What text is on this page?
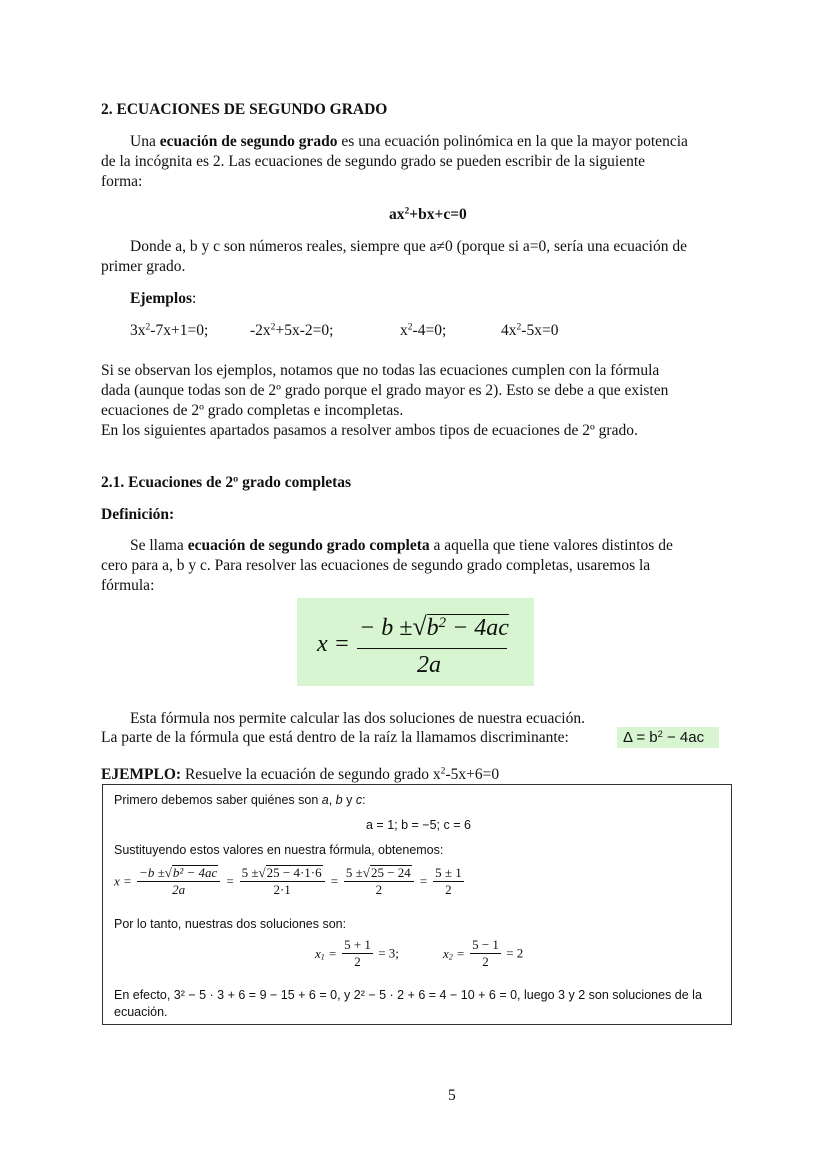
2. ECUACIONES DE SEGUNDO GRADO
Una ecuación de segundo grado es una ecuación polinómica en la que la mayor potencia
de la incógnita es 2. Las ecuaciones de segundo grado se pueden escribir de la siguiente
forma:
$ax^2+bx+c=0$
Donde a, b y c son números reales, siempre que a≠0 (porque si a=0, sería una ecuación de
primer grado.
Ejemplos:
$3x^2-7x+1=0$;	$-2x^2+5x-2=0$;	$x^2-4=0$;	$4x^2-5x=0$
Si se observan los ejemplos, notamos que no todas las ecuaciones cumplen con la fórmula
dada (aunque todas son de 2º grado porque el grado mayor es 2). Esto se debe a que existen
ecuaciones de 2º grado completas e incompletas.
En los siguientes apartados pasamos a resolver ambos tipos de ecuaciones de 2º grado.
2.1. Ecuaciones de 2º grado completas
Definición:
Se llama ecuación de segundo grado completa a aquella que tiene valores distintos de
cero para a, b y c. Para resolver las ecuaciones de segundo grado completas, usaremos la
fórmula:
x =
− $b \pm√b^2 - 4ac$
2a
Esta fórmula nos permite calcular las dos soluciones de nuestra ecuación.
La parte de la fórmula que está dentro de la raíz la llamamos discriminante:	$\Delta = b^2 - 4ac$
EJEMPLO: Resuelve la ecuación de segundo grado $x^2-5x+6=0$
Primero debemos saber quiénes son a, b y c:
a = 1; b = −5; c = 6
Sustituyendo estos valores en nuestra fórmula, obtenemos:
$x = \frac{\text{−b ±√b² − 4ac}}{2a} = \frac{5 \pm√25 - 4\cdot 1\cdot 6}{2\cdot 1} = \frac{5 \pm√25 - 24}{2} = \frac{5 \pm 1}{2}$
Por lo tanto, nuestras dos soluciones son:
$x_1 = \frac{5 + 1}{2} = 3$;	$x_2 = \frac{5 - 1}{2} = 2$
En efecto, 3² − 5 · 3 + 6 = 9 − 15 + 6 = 0, y 2² − 5 · 2 + 6 = 4 − 10 + 6 = 0, luego 3 y 2 son soluciones de la
ecuación.
5
